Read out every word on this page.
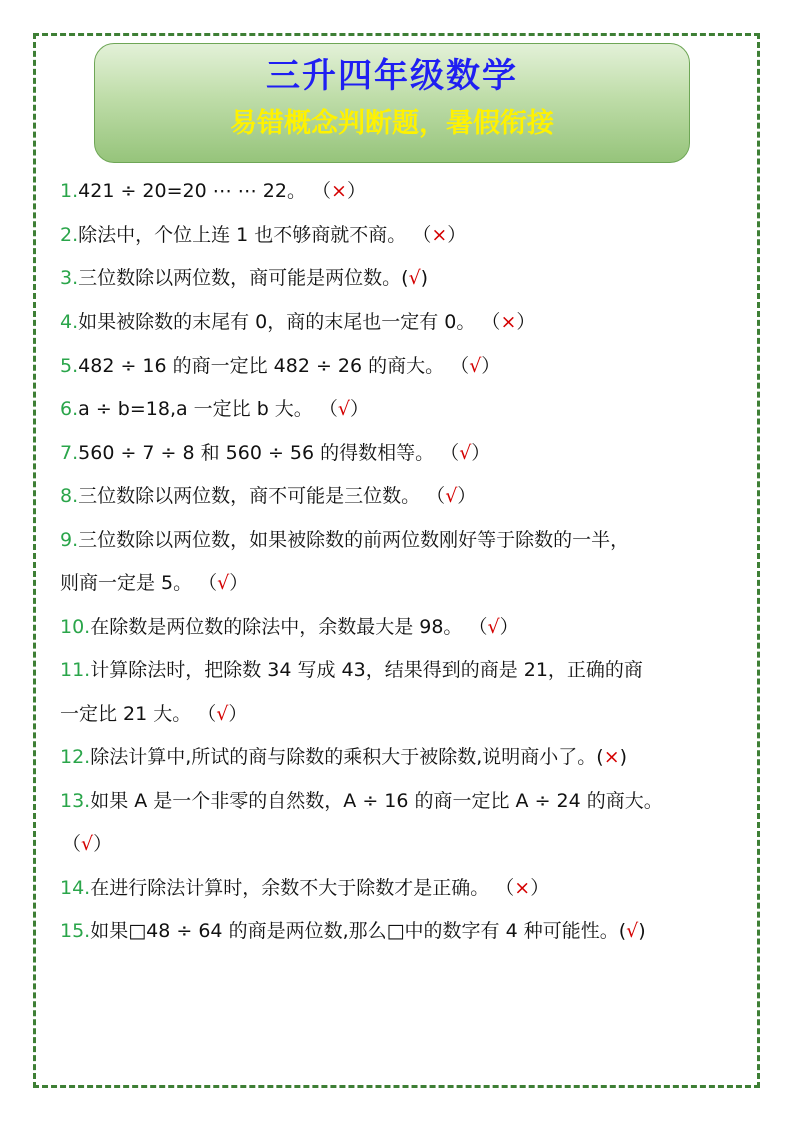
三升四年级数学
易错概念判断题，暑假衔接
1.421 ÷ 20=20 ⋯ ⋯ 22。 （×）
2.除法中，个位上连 1 也不够商就不商。 （×）
3.三位数除以两位数，商可能是两位数。(√)
4.如果被除数的末尾有 0，商的末尾也一定有 0。 （×）
5.482 ÷ 16 的商一定比 482 ÷ 26 的商大。 （√）
6.a ÷ b=18,a 一定比 b 大。 （√）
7.560 ÷ 7 ÷ 8 和 560 ÷ 56 的得数相等。 （√）
8.三位数除以两位数，商不可能是三位数。 （√）
9.三位数除以两位数，如果被除数的前两位数刚好等于除数的一半，
则商一定是 5。 （√）
10.在除数是两位数的除法中，余数最大是 98。 （√）
11.计算除法时，把除数 34 写成 43，结果得到的商是 21，正确的商
一定比 21 大。 （√）
12.除法计算中,所试的商与除数的乘积大于被除数,说明商小了。(×)
13.如果 A 是一个非零的自然数，A ÷ 16 的商一定比 A ÷ 24 的商大。
（√）
14.在进行除法计算时，余数不大于除数才是正确。 （×）
15.如果□48 ÷ 64 的商是两位数,那么□中的数字有 4 种可能性。(√)
